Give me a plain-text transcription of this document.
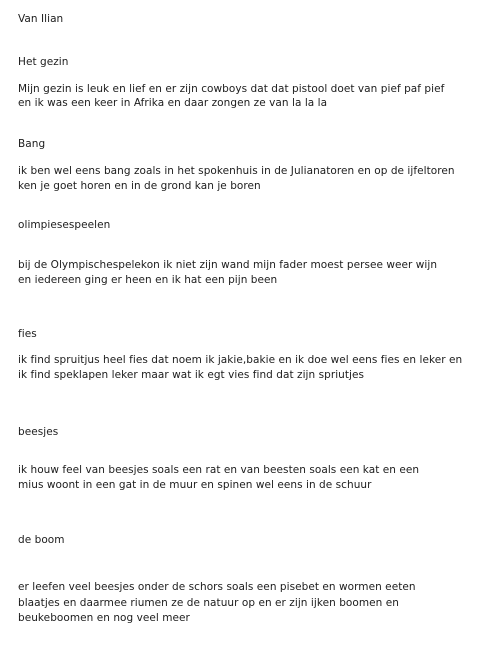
Van Ilian

Het gezin

Mijn gezin is leuk en lief en er zijn cowboys dat dat pistool doet van pief paf pief

en ik was een keer in Afrika en daar zongen ze van la la la

Bang

ik ben wel eens bang zoals in het spokenhuis in de Julianatoren en op de ijfeltoren

ken je goet horen en in de grond kan je boren

olimpiesespeelen

bij de Olympischespelekon ik niet zijn wand mijn fader moest persee weer wijn

en iedereen ging er heen en ik hat een pijn been

fies

ik find spruitjus heel fies dat noem ik jakie,bakie en ik doe wel eens fies en leker en

ik find speklapen leker maar wat ik egt vies find dat zijn spriutjes

beesjes

ik houw feel van beesjes soals een rat en van beesten soals een kat en een

mius woont in een gat in de muur en spinen wel eens in de schuur

de boom

er leefen veel beesjes onder de schors soals een pisebet en wormen eeten

blaatjes en daarmee riumen ze de natuur op en er zijn ijken boomen en

beukeboomen en nog veel meer
